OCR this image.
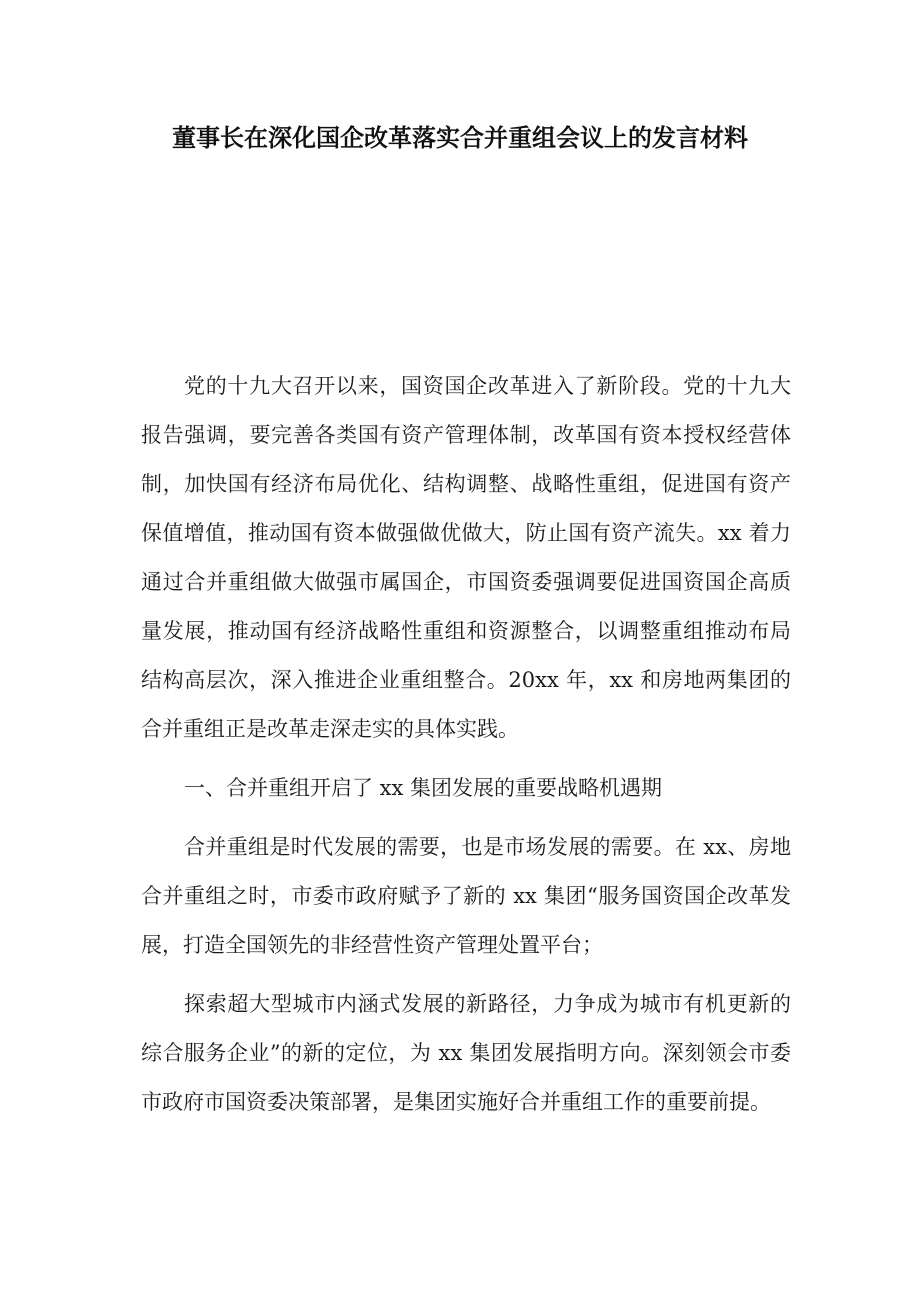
董事长在深化国企改革落实合并重组会议上的发言材料

党的十九大召开以来，国资国企改革进入了新阶段。党的十九大报告强调，要完善各类国有资产管理体制，改革国有资本授权经营体制，加快国有经济布局优化、结构调整、战略性重组，促进国有资产保值增值，推动国有资本做强做优做大，防止国有资产流失。xx 着力通过合并重组做大做强市属国企，市国资委强调要促进国资国企高质量发展，推动国有经济战略性重组和资源整合，以调整重组推动布局结构高层次，深入推进企业重组整合。20xx 年，xx 和房地两集团的合并重组正是改革走深走实的具体实践。

一、合并重组开启了 xx 集团发展的重要战略机遇期

合并重组是时代发展的需要，也是市场发展的需要。在 xx、房地合并重组之时，市委市政府赋予了新的 xx 集团“服务国资国企改革发展，打造全国领先的非经营性资产管理处置平台；

探索超大型城市内涵式发展的新路径，力争成为城市有机更新的综合服务企业”的新的定位，为 xx 集团发展指明方向。深刻领会市委市政府市国资委决策部署，是集团实施好合并重组工作的重要前提。
